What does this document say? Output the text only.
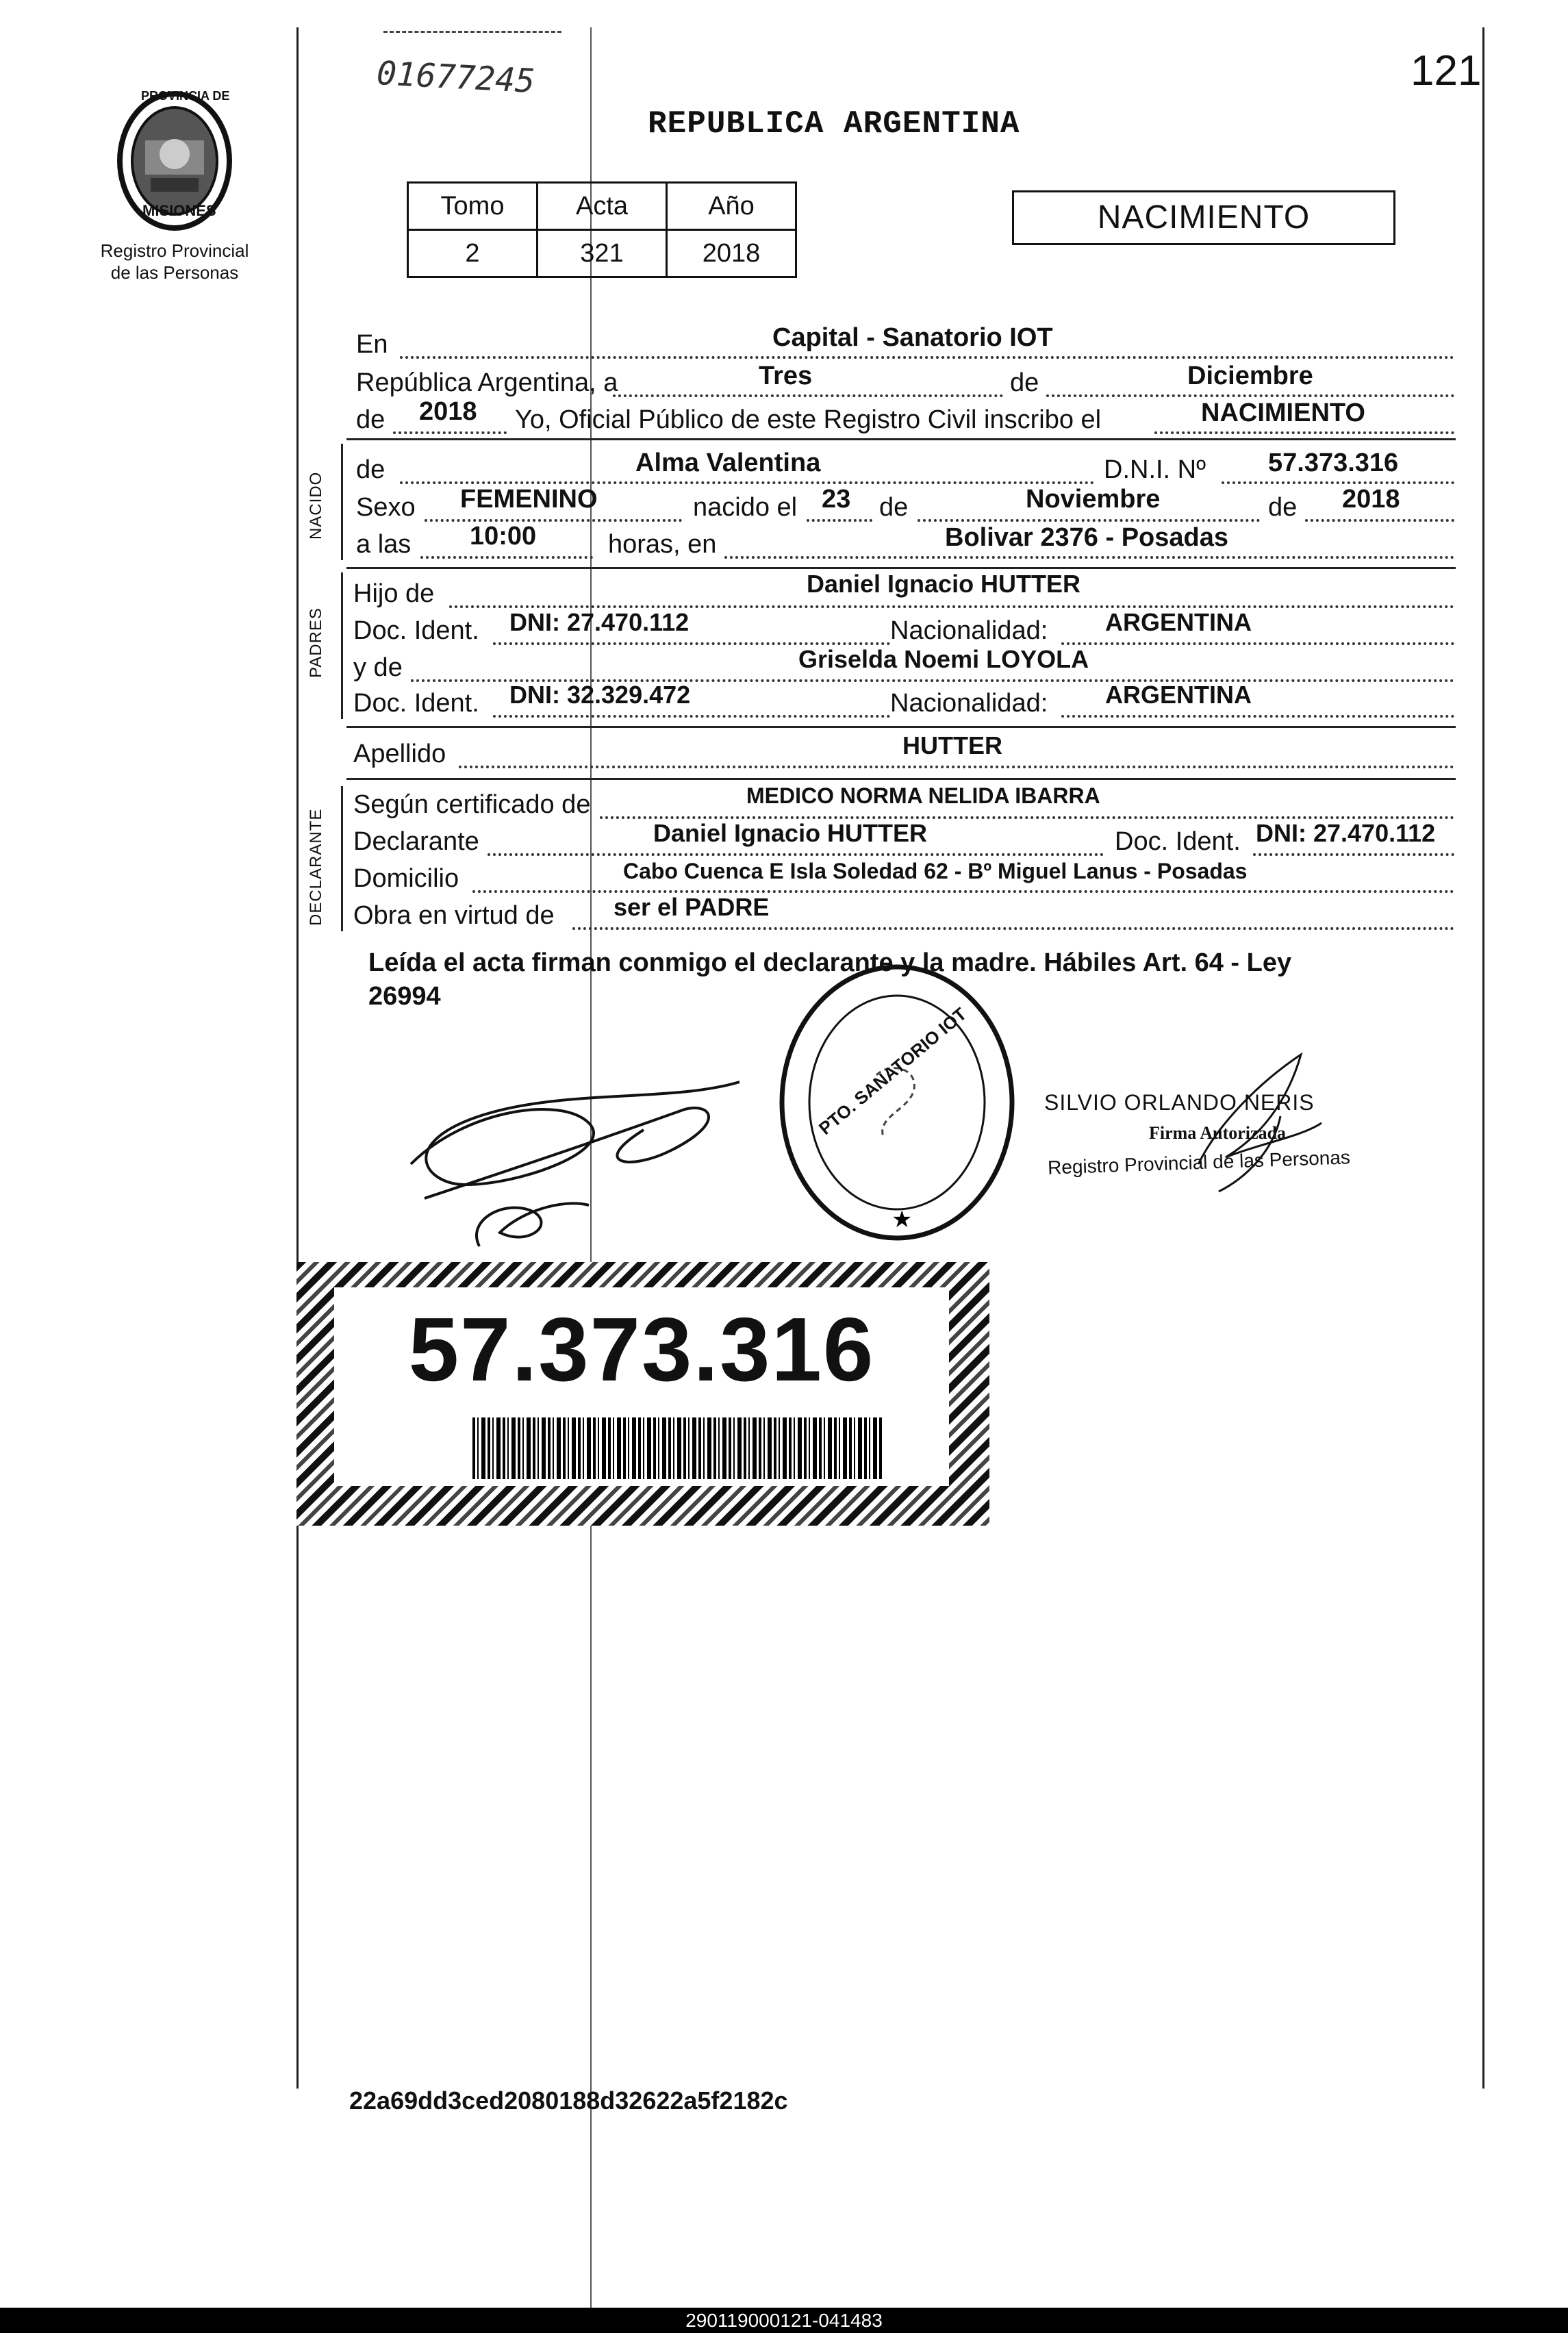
01677245	121
REPUBLICA ARGENTINA
PROVINCIA DE
MISIONES
Registro Provincial
de las Personas
Tomo	Acta	Año
2	321	2018
NACIMIENTO
En	Capital - Sanatorio IOT
República Argentina, a	Tres	de	Diciembre
de 2018 Yo, Oficial Público de este Registro Civil inscribo el	NACIMIENTO
NACIDO
de	Alma Valentina	D.N.I. Nº 57.373.316
Sexo FEMENINO	nacido el 23 de	Noviembre	de 2018
a las 10:00	horas, en	Bolivar 2376 - Posadas
PADRES
Hijo de	Daniel Ignacio HUTTER
Doc. Ident. DNI: 27.470.112	Nacionalidad: ARGENTINA
y de	Griselda Noemi LOYOLA
Doc. Ident. DNI: 32.329.472	Nacionalidad: ARGENTINA
Apellido	HUTTER
DECLARANTE
Según certificado de	MEDICO NORMA NELIDA IBARRA
Declarante	Daniel Ignacio HUTTER	Doc. Ident. DNI: 27.470.112
Domicilio	Cabo Cuenca E Isla Soledad 62 - Bº Miguel Lanus - Posadas
Obra en virtud de ser el PADRE
Leída el acta firman conmigo el declarante y la madre. Hábiles Art. 64 - Ley
26994
★
PTO. SANATORIO IOT	SILVIO ORLANDO NERIS
Firma Autorizada
Registro Provincial de las Personas
57.373.316
22a69dd3ced2080188d32622a5f2182c
290119000121-041483
